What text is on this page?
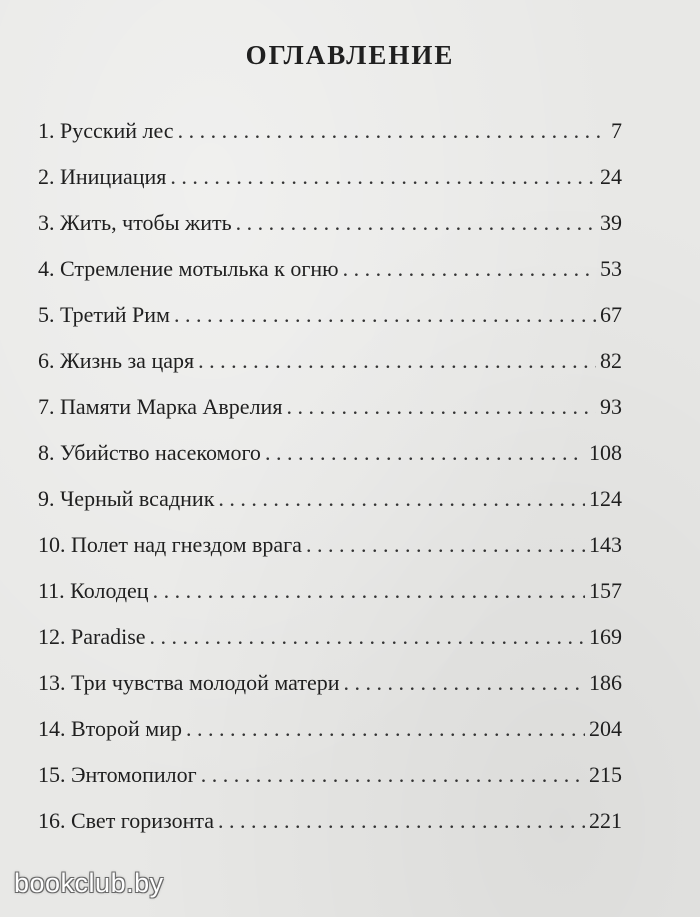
ОГЛАВЛЕНИЕ
1. Русский лес . . .	7
2. Инициация . . .	24
3. Жить, чтобы жить . . .	39
4. Стремление мотылька к огню . . .	53
5. Третий Рим . . .	67
6. Жизнь за царя . . .	82
7. Памяти Марка Аврелия . . .	93
8. Убийство насекомого . . .	108
9. Черный всадник . . .	124
10. Полет над гнездом врага . . .	143
11. Колодец . . .	157
12. Paradise . . .	169
13. Три чувства молодой матери . . .	186
14. Второй мир . . .	204
15. Энтомопилог . . .	215
16. Свет горизонта . . .	221
bookclub.by
